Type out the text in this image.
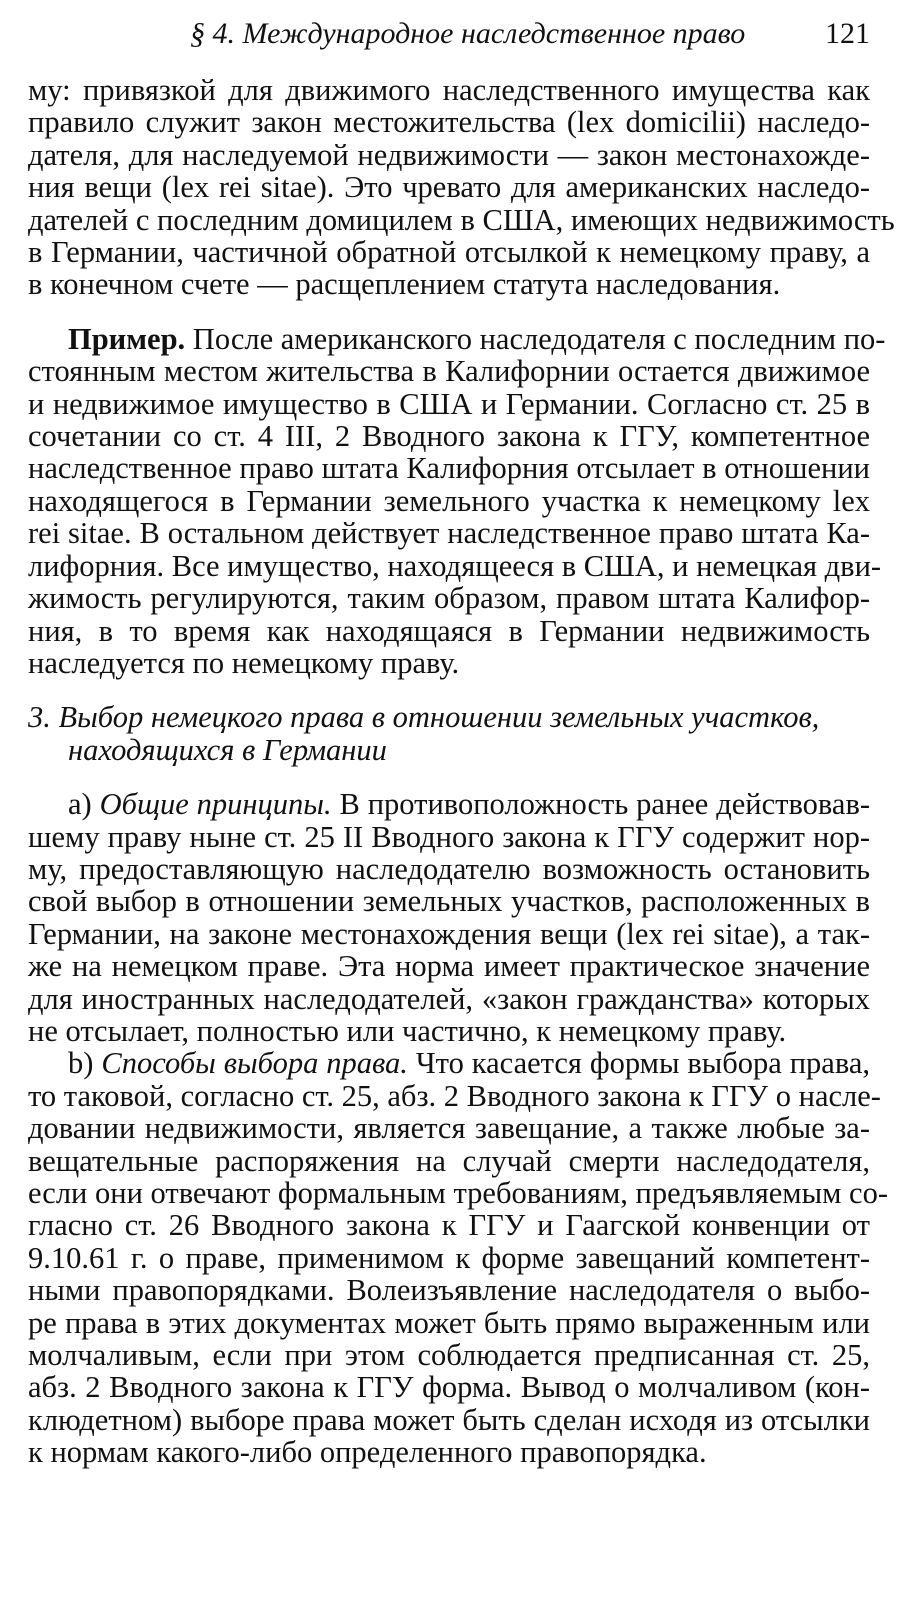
§ 4. Международное наследственное право	121

му: привязкой для движимого наследственного имущества как
правило служит закон местожительства (lex domicilii) наследо-
дателя, для наследуемой недвижимости — закон местонахожде-
ния вещи (lex rei sitae). Это чревато для американских наследо-
дателей с последним домицилем в США, имеющих недвижимость
в Германии, частичной обратной отсылкой к немецкому праву, а
в конечном счете — расщеплением статута наследования.

Пример. После американского наследодателя с последним по-
стоянным местом жительства в Калифорнии остается движимое
и недвижимое имущество в США и Германии. Согласно ст. 25 в
сочетании со ст. 4 III, 2 Вводного закона к ГГУ, компетентное
наследственное право штата Калифорния отсылает в отношении
находящегося в Германии земельного участка к немецкому lex
rei sitae. В остальном действует наследственное право штата Ка-
лифорния. Все имущество, находящееся в США, и немецкая дви-
жимость регулируются, таким образом, правом штата Калифор-
ния, в то время как находящаяся в Германии недвижимость
наследуется по немецкому праву.

3. Выбор немецкого права в отношении земельных участков,
находящихся в Германии

а) Общие принципы. В противоположность ранее действовав-
шему праву ныне ст. 25 II Вводного закона к ГГУ содержит нор-
му, предоставляющую наследодателю возможность остановить
свой выбор в отношении земельных участков, расположенных в
Германии, на законе местонахождения вещи (lex rei sitae), а так-
же на немецком праве. Эта норма имеет практическое значение
для иностранных наследодателей, «закон гражданства» которых
не отсылает, полностью или частично, к немецкому праву.

b) Способы выбора права. Что касается формы выбора права,
то таковой, согласно ст. 25, абз. 2 Вводного закона к ГГУ о насле-
довании недвижимости, является завещание, а также любые за-
вещательные распоряжения на случай смерти наследодателя,
если они отвечают формальным требованиям, предъявляемым со-
гласно ст. 26 Вводного закона к ГГУ и Гаагской конвенции от
9.10.61 г. о праве, применимом к форме завещаний компетент-
ными правопорядками. Волеизъявление наследодателя о выбо-
ре права в этих документах может быть прямо выраженным или
молчаливым, если при этом соблюдается предписанная ст. 25,
абз. 2 Вводного закона к ГГУ форма. Вывод о молчаливом (кон-
клюдетном) выборе права может быть сделан исходя из отсылки
к нормам какого-либо определенного правопорядка.
